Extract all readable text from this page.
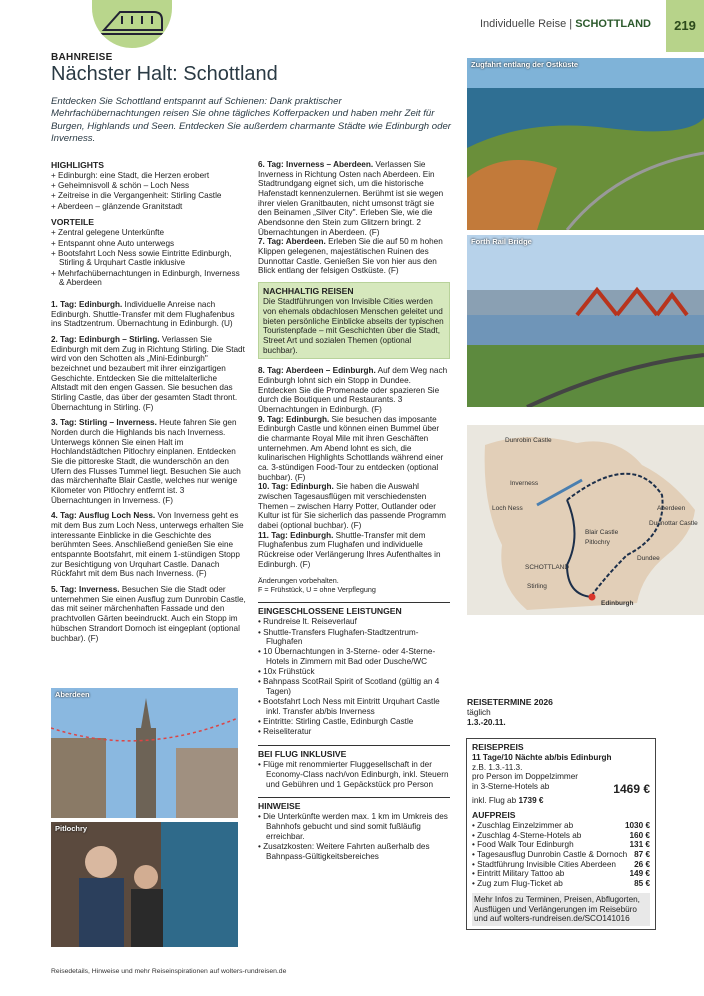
Individuelle Reise | SCHOTTLAND	219
BAHNREISE
Nächster Halt: Schottland
Entdecken Sie Schottland entspannt auf Schienen: Dank praktischer Mehrfachübernachtungen reisen Sie ohne tägliches Kofferpacken und haben mehr Zeit für Burgen, Highlands und Seen. Entdecken Sie außerdem charmante Städte wie Edinburgh oder Inverness.
HIGHLIGHTS

+ Edinburgh: eine Stadt, die Herzen erobert

+ Geheimnisvoll & schön – Loch Ness

+ Zeitreise in die Vergangenheit: Stirling Castle

+ Aberdeen – glänzende Granitstadt

VORTEILE

+ Zentral gelegene Unterkünfte

+ Entspannt ohne Auto unterwegs

+ Bootsfahrt Loch Ness sowie Eintritte Edinburgh, Stirling & Urquhart Castle inklusive

+ Mehrfachübernachtungen in Edinburgh, Inverness & Aberdeen

1. Tag: Edinburgh. Individuelle Anreise nach Edinburgh. Shuttle-Transfer mit dem Flughafenbus ins Stadtzentrum. Übernachtung in Edinburgh. (U)

2. Tag: Edinburgh – Stirling. Verlassen Sie Edinburgh mit dem Zug in Richtung Stirling. Die Stadt wird von den Schotten als „Mini-Edinburgh" bezeichnet und bezaubert mit ihrer einzigartigen Geschichte. Entdecken Sie die mittelalterliche Altstadt mit den engen Gassen. Sie besuchen das Stirling Castle, das über der gesamten Stadt thront. Übernachtung in Stirling. (F)

3. Tag: Stirling – Inverness. Heute fahren Sie gen Norden durch die Highlands bis nach Inverness. Unterwegs können Sie einen Halt im Hochlandstädtchen Pitlochry einplanen. Entdecken Sie die pittoreske Stadt, die wunderschön an den Ufern des Flusses Tummel liegt. Besuchen Sie auch das märchenhafte Blair Castle, welches nur wenige Kilometer von Pitlochry entfernt ist. 3 Übernachtungen in Inverness. (F)

4. Tag: Ausflug Loch Ness. Von Inverness geht es mit dem Bus zum Loch Ness, unterwegs erhalten Sie interessante Einblicke in die Geschichte des berühmten Sees. Anschließend genießen Sie eine entspannte Bootsfahrt, mit einem 1-stündigen Stopp zur Besichtigung von Urquhart Castle. Danach Rückfahrt mit dem Bus nach Inverness. (F)

5. Tag: Inverness. Besuchen Sie die Stadt oder unternehmen Sie einen Ausflug zum Dunrobin Castle, das mit seiner märchenhaften Fassade und den prachtvollen Gärten beeindruckt. Auch ein Stopp im hübschen Strandort Dornoch ist eingeplant (optional buchbar). (F)

6. Tag: Inverness – Aberdeen. Verlassen Sie Inverness in Richtung Osten nach Aberdeen. Ein Stadtrundgang eignet sich, um die historische Hafenstadt kennenzulernen. Berühmt ist sie wegen ihrer vielen Granitbauten, nicht umsonst trägt sie den Beinamen „Silver City". Erleben Sie, wie die Abendsonne den Stein zum Glitzern bringt. 2 Übernachtungen in Aberdeen. (F)

7. Tag: Aberdeen. Erleben Sie die auf 50 m hohen Klippen gelegenen, majestätischen Ruinen des Dunnottar Castle. Genießen Sie von hier aus den Blick entlang der felsigen Ostküste. (F)

NACHHALTIG REISEN

Die Stadtführungen von Invisible Cities werden von ehemals obdachlosen Menschen geleitet und bieten persönliche Einblicke abseits der typischen Touristenpfade – mit Geschichten über die Stadt, Street Art und sozialen Themen (optional buchbar).

8. Tag: Aberdeen – Edinburgh. Auf dem Weg nach Edinburgh lohnt sich ein Stopp in Dundee. Entdecken Sie die Promenade oder spazieren Sie durch die Boutiquen und Restaurants. 3 Übernachtungen in Edinburgh. (F)

9. Tag: Edinburgh. Sie besuchen das imposante Edinburgh Castle und können einen Bummel über die charmante Royal Mile mit ihren Geschäften unternehmen. Am Abend lohnt es sich, die kulinarischen Highlights Schottlands während einer ca. 3-stündigen Food-Tour zu entdecken (optional buchbar). (F)

10. Tag: Edinburgh. Sie haben die Auswahl zwischen Tagesausflügen mit verschiedensten Themen – zwischen Harry Potter, Outlander oder Kultur ist für Sie sicherlich das passende Programm dabei (optional buchbar). (F)

11. Tag: Edinburgh. Shuttle-Transfer mit dem Flughafenbus zum Flughafen und individuelle Rückreise oder Verlängerung Ihres Aufenthaltes in Edinburgh. (F)

Änderungen vorbehalten.

F = Frühstück, U = ohne Verpflegung

EINGESCHLOSSENE LEISTUNGEN

• Rundreise lt. Reiseverlauf

• Shuttle-Transfers Flughafen-Stadtzentrum-Flughafen

• 10 Übernachtungen in 3-Sterne- oder 4-Sterne-Hotels in Zimmern mit Bad oder Dusche/WC

• 10x Frühstück

• Bahnpass ScotRail Spirit of Scotland (gültig an 4 Tagen)

• Bootsfahrt Loch Ness mit Eintritt Urquhart Castle inkl. Transfer ab/bis Inverness

• Eintritte: Stirling Castle, Edinburgh Castle

• Reiseliteratur

BEI FLUG INKLUSIVE

• Flüge mit renommierter Fluggesellschaft in der Economy-Class nach/von Edinburgh, inkl. Steuern und Gebühren und 1 Gepäckstück pro Person

HINWEISE

• Die Unterkünfte werden max. 1 km im Umkreis des Bahnhofs gebucht und sind somit fußläufig erreichbar.

• Zusatzkosten: Weitere Fahrten außerhalb des Bahnpass-Gültigkeitsbereiches

Zugfahrt entlang der Ostküste
Forth Rail Bridge
Dunrobin Castle
Inverness
Loch Ness	Aberdeen
Dunnottar Castle
Blair Castle
Pitlochry
Dundee
SCHOTTLAND
Stirling
Edinburgh
REISETERMINE 2026

täglich

1.3.-20.11.

REISEPREIS

11 Tage/10 Nächte ab/bis Edinburgh

z.B. 1.3.-11.3.

pro Person im Doppelzimmer

in 3-Sterne-Hotels ab	1469 €

inkl. Flug ab 1739 €

AUFPREIS
• Zuschlag Einzelzimmer ab	1030 €
• Zuschlag 4-Sterne-Hotels ab	160 €
• Food Walk Tour Edinburgh	131 €
• Tagesausflug Dunrobin Castle & Dornoch 87 €
• Stadtführung Invisible Cities Aberdeen 26 €
• Eintritt Military Tattoo ab	149 €
• Zug zum Flug-Ticket ab	85 €

Mehr Infos zu Terminen, Preisen, Abflugorten, Ausflügen und Verlängerungen im Reisebüro und auf wolters-rundreisen.de/SCO141016

Aberdeen
Pitlochry
Reisedetails, Hinweise und mehr Reiseinspirationen auf wolters-rundreisen.de
